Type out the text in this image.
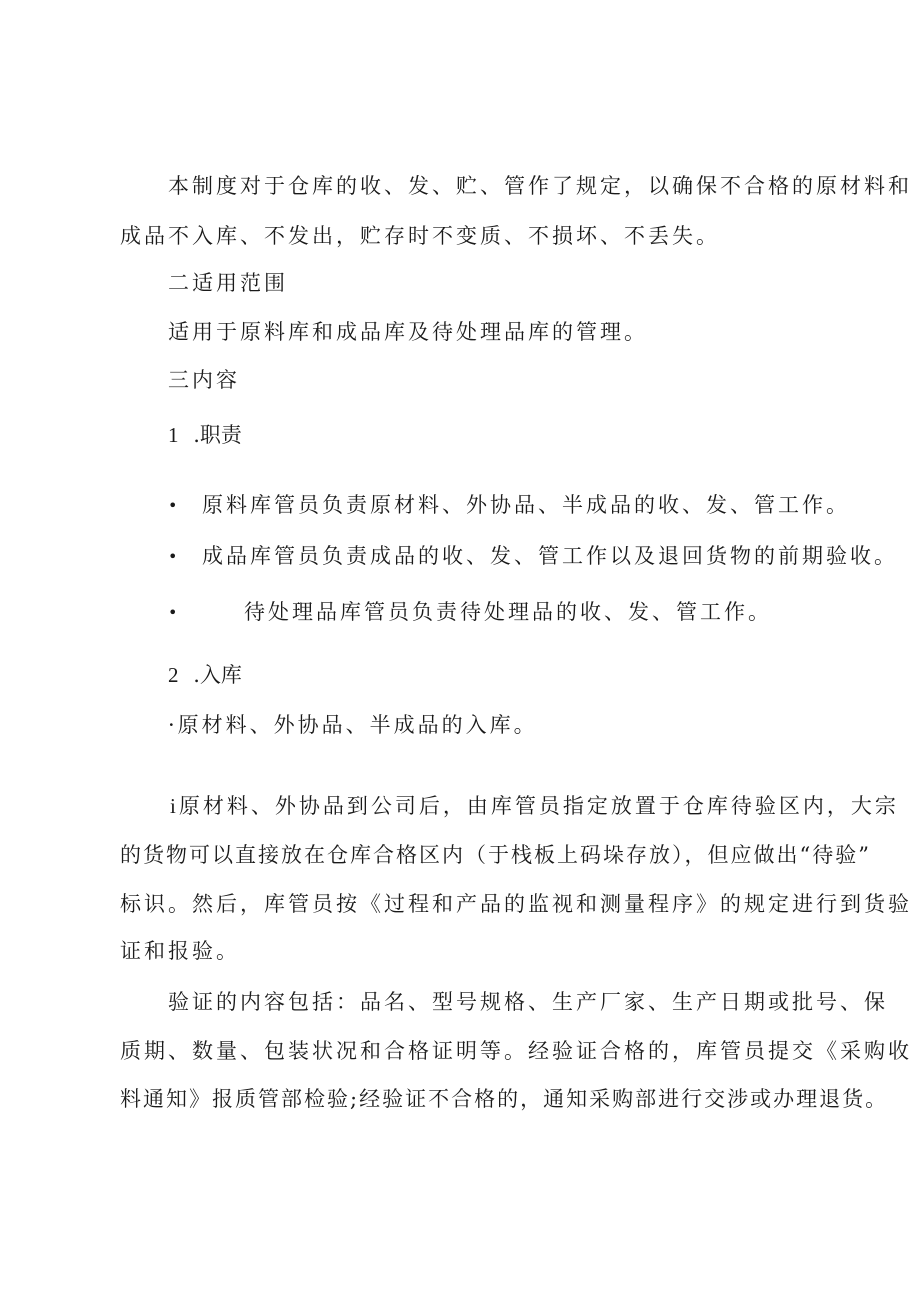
本制度对于仓库的收、发、贮、管作了规定，以确保不合格的原材料和
成品不入库、不发出，贮存时不变质、不损坏、不丢失。
二适用范围
适用于原料库和成品库及待处理品库的管理。
三内容
1 .职责
• 原料库管员负责原材料、外协品、半成品的收、发、管工作。
• 成品库管员负责成品的收、发、管工作以及退回货物的前期验收。
•	待处理品库管员负责待处理品的收、发、管工作。
2 .入库
·原材料、外协品、半成品的入库。
i原材料、外协品到公司后，由库管员指定放置于仓库待验区内，大宗
的货物可以直接放在仓库合格区内（于栈板上码垛存放），但应做出“待验”
标识。然后，库管员按《过程和产品的监视和测量程序》的规定进行到货验
证和报验。
验证的内容包括：品名、型号规格、生产厂家、生产日期或批号、保
质期、数量、包装状况和合格证明等。经验证合格的，库管员提交《采购收
料通知》报质管部检验;经验证不合格的，通知采购部进行交涉或办理退货。
